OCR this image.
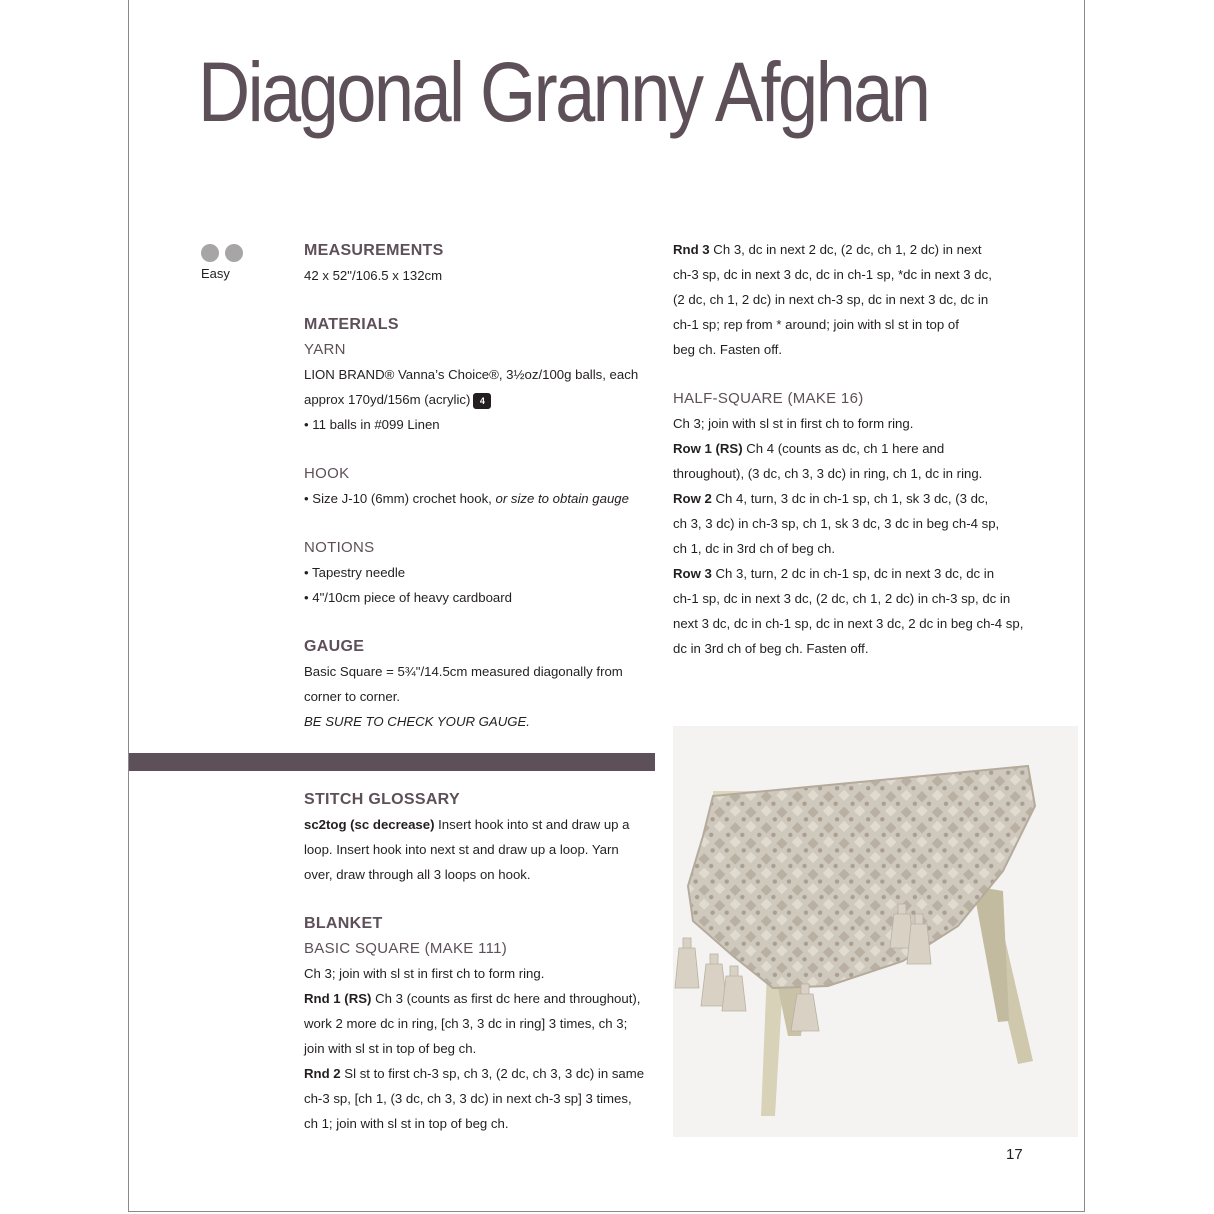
Diagonal Granny Afghan
Easy

MEASUREMENTS

42 x 52"/106.5 x 132cm

MATERIALS

YARN

LION BRAND® Vanna’s Choice®, 3½oz/100g balls, each

approx 170yd/156m (acrylic) 4

• 11 balls in #099 Linen

HOOK

• Size J-10 (6mm) crochet hook, or size to obtain gauge

NOTIONS

• Tapestry needle

• 4"/10cm piece of heavy cardboard

GAUGE

Basic Square = 5¾"/14.5cm measured diagonally from

corner to corner.

BE SURE TO CHECK YOUR GAUGE.

STITCH GLOSSARY

sc2tog (sc decrease) Insert hook into st and draw up a

loop. Insert hook into next st and draw up a loop. Yarn

over, draw through all 3 loops on hook.

BLANKET

BASIC SQUARE (MAKE 111)

Ch 3; join with sl st in first ch to form ring.

Rnd 1 (RS) Ch 3 (counts as first dc here and throughout),

work 2 more dc in ring, [ch 3, 3 dc in ring] 3 times, ch 3;

join with sl st in top of beg ch.

Rnd 2 Sl st to first ch-3 sp, ch 3, (2 dc, ch 3, 3 dc) in same

ch-3 sp, [ch 1, (3 dc, ch 3, 3 dc) in next ch-3 sp] 3 times,

ch 1; join with sl st in top of beg ch.

Rnd 3 Ch 3, dc in next 2 dc, (2 dc, ch 1, 2 dc) in next

ch-3 sp, dc in next 3 dc, dc in ch-1 sp, *dc in next 3 dc,

(2 dc, ch 1, 2 dc) in next ch-3 sp, dc in next 3 dc, dc in

ch-1 sp; rep from * around; join with sl st in top of

beg ch. Fasten off.

HALF-SQUARE (MAKE 16)

Ch 3; join with sl st in first ch to form ring.

Row 1 (RS) Ch 4 (counts as dc, ch 1 here and

throughout), (3 dc, ch 3, 3 dc) in ring, ch 1, dc in ring.

Row 2 Ch 4, turn, 3 dc in ch-1 sp, ch 1, sk 3 dc, (3 dc,

ch 3, 3 dc) in ch-3 sp, ch 1, sk 3 dc, 3 dc in beg ch-4 sp,

ch 1, dc in 3rd ch of beg ch.

Row 3 Ch 3, turn, 2 dc in ch-1 sp, dc in next 3 dc, dc in

ch-1 sp, dc in next 3 dc, (2 dc, ch 1, 2 dc) in ch-3 sp, dc in

next 3 dc, dc in ch-1 sp, dc in next 3 dc, 2 dc in beg ch-4 sp,

dc in 3rd ch of beg ch. Fasten off.

17
